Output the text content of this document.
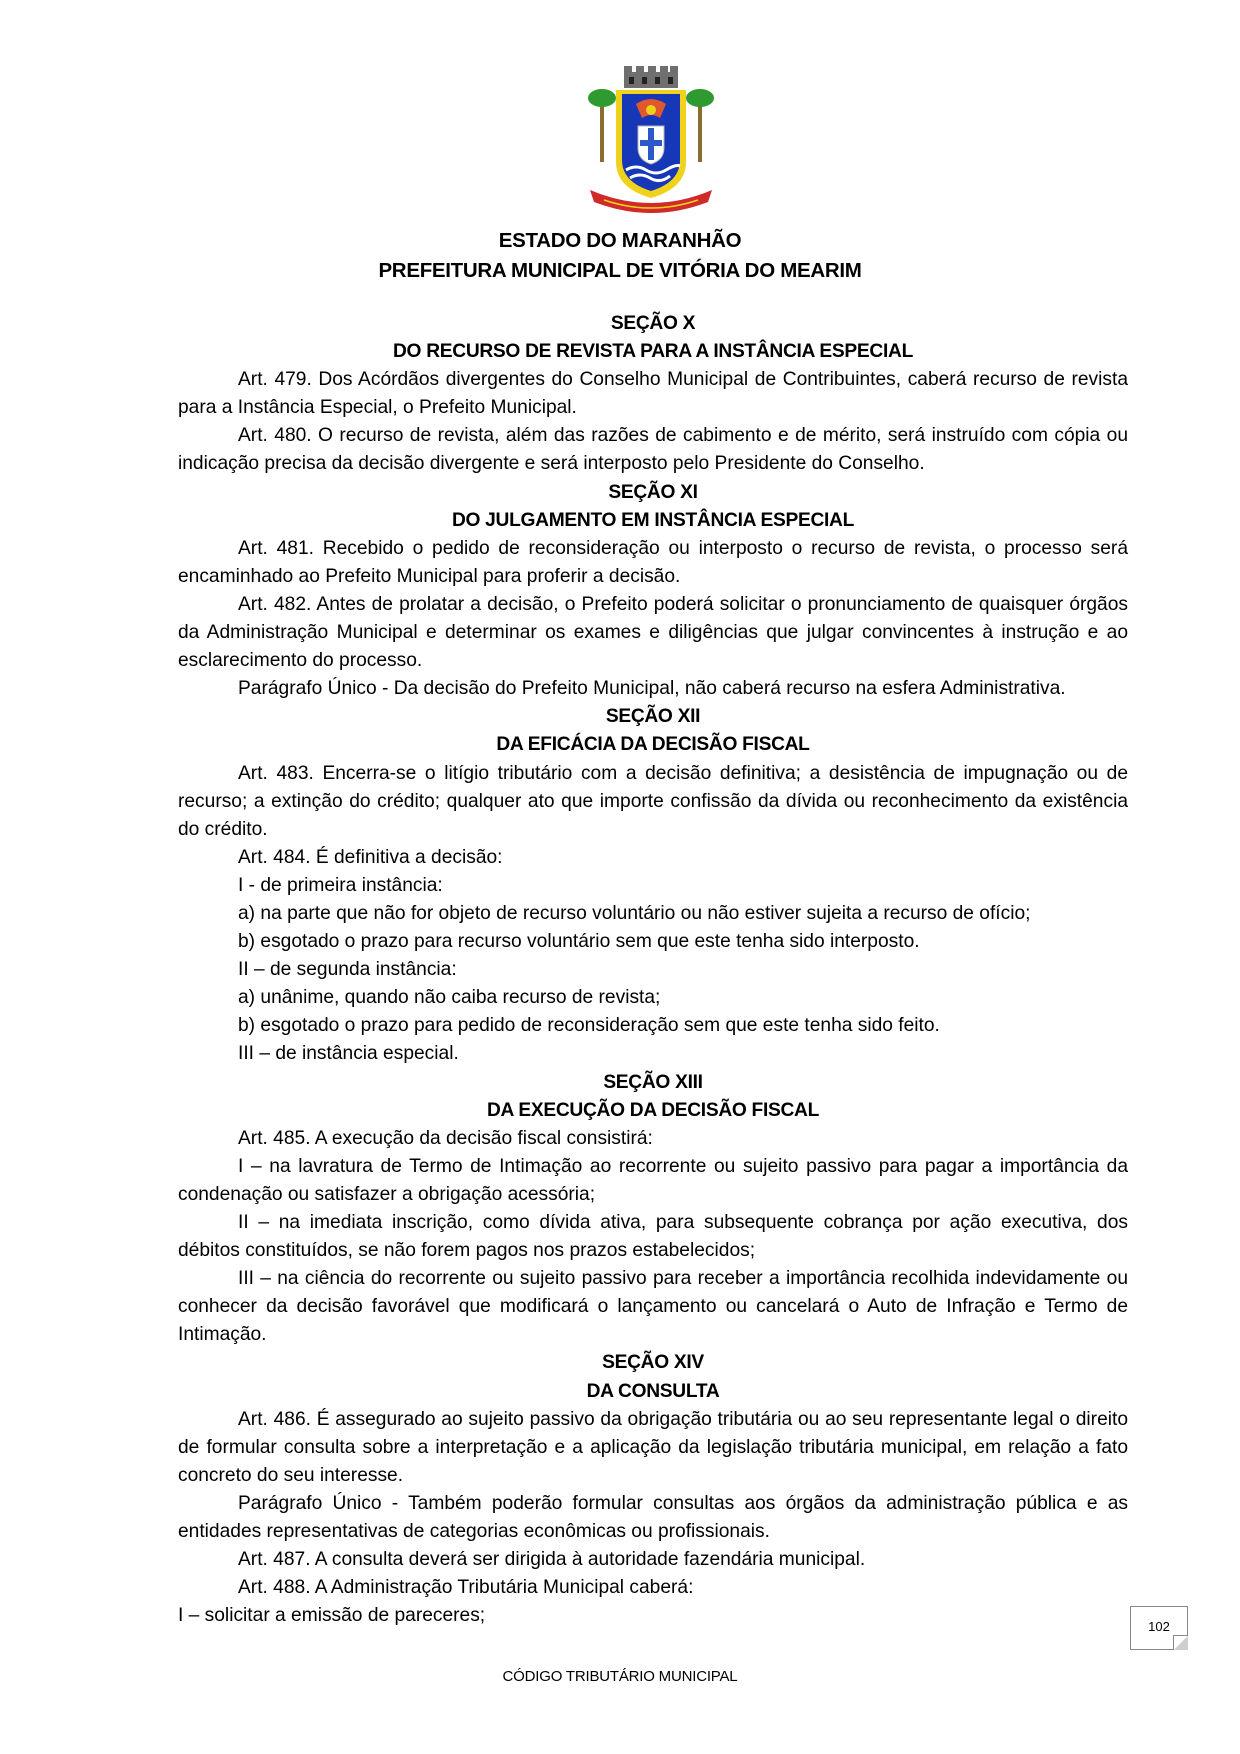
ESTADO DO MARANHÃO
PREFEITURA MUNICIPAL DE VITÓRIA DO MEARIM
SEÇÃO X
DO RECURSO DE REVISTA PARA A INSTÂNCIA ESPECIAL

Art. 479. Dos Acórdãos divergentes do Conselho Municipal de Contribuintes, caberá recurso de revista para a Instância Especial, o Prefeito Municipal.

Art. 480. O recurso de revista, além das razões de cabimento e de mérito, será instruído com cópia ou indicação precisa da decisão divergente e será interposto pelo Presidente do Conselho.

SEÇÃO XI
DO JULGAMENTO EM INSTÂNCIA ESPECIAL

Art. 481. Recebido o pedido de reconsideração ou interposto o recurso de revista, o processo será encaminhado ao Prefeito Municipal para proferir a decisão.

Art. 482. Antes de prolatar a decisão, o Prefeito poderá solicitar o pronunciamento de quaisquer órgãos da Administração Municipal e determinar os exames e diligências que julgar convincentes à instrução e ao esclarecimento do processo.

Parágrafo Único - Da decisão do Prefeito Municipal, não caberá recurso na esfera Administrativa.

SEÇÃO XII
DA EFICÁCIA DA DECISÃO FISCAL

Art. 483. Encerra-se o litígio tributário com a decisão definitiva; a desistência de impugnação ou de recurso; a extinção do crédito; qualquer ato que importe confissão da dívida ou reconhecimento da existência do crédito.

Art. 484. É definitiva a decisão:

I - de primeira instância:

a) na parte que não for objeto de recurso voluntário ou não estiver sujeita a recurso de ofício;

b) esgotado o prazo para recurso voluntário sem que este tenha sido interposto.

II – de segunda instância:

a) unânime, quando não caiba recurso de revista;

b) esgotado o prazo para pedido de reconsideração sem que este tenha sido feito.

III – de instância especial.

SEÇÃO XIII
DA EXECUÇÃO DA DECISÃO FISCAL

Art. 485. A execução da decisão fiscal consistirá:

I – na lavratura de Termo de Intimação ao recorrente ou sujeito passivo para pagar a importância da condenação ou satisfazer a obrigação acessória;

II – na imediata inscrição, como dívida ativa, para subsequente cobrança por ação executiva, dos débitos constituídos, se não forem pagos nos prazos estabelecidos;

III – na ciência do recorrente ou sujeito passivo para receber a importância recolhida indevidamente ou conhecer da decisão favorável que modificará o lançamento ou cancelará o Auto de Infração e Termo de Intimação.

SEÇÃO XIV
DA CONSULTA

Art. 486. É assegurado ao sujeito passivo da obrigação tributária ou ao seu representante legal o direito de formular consulta sobre a interpretação e a aplicação da legislação tributária municipal, em relação a fato concreto do seu interesse.

Parágrafo Único - Também poderão formular consultas aos órgãos da administração pública e as entidades representativas de categorias econômicas ou profissionais.

Art. 487. A consulta deverá ser dirigida à autoridade fazendária municipal.

Art. 488. A Administração Tributária Municipal caberá:

I – solicitar a emissão de pareceres;

102
CÓDIGO TRIBUTÁRIO MUNICIPAL
